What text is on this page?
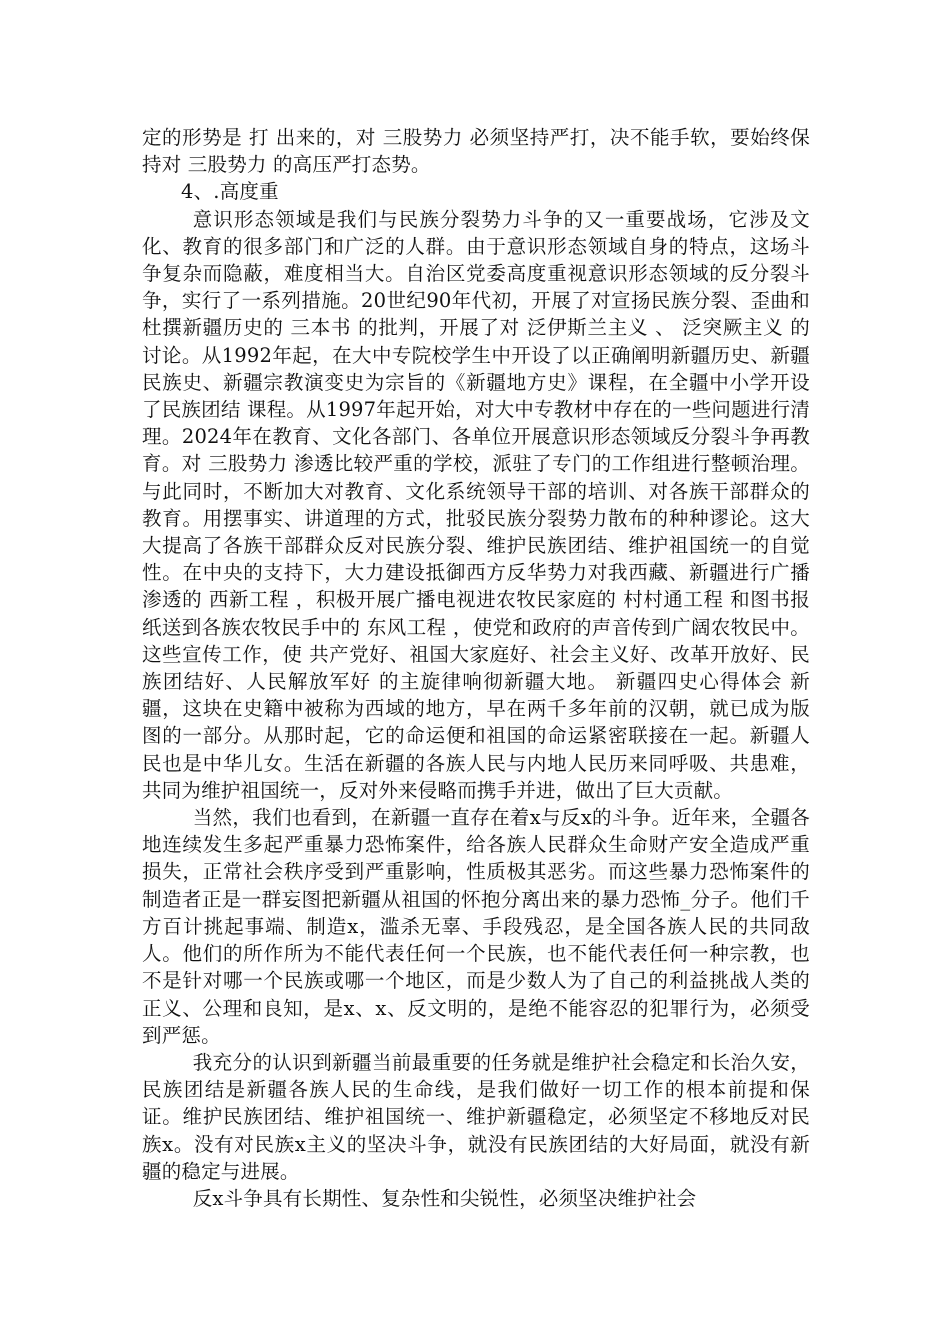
定的形势是 打 出来的，对 三股势力 必须坚持严打，决不能手软，要始终保持对 三股势力 的高压严打态势。

4、.高度重

意识形态领域是我们与民族分裂势力斗争的又一重要战场，它涉及文化、教育的很多部门和广泛的人群。由于意识形态领域自身的特点，这场斗争复杂而隐蔽，难度相当大。自治区党委高度重视意识形态领域的反分裂斗争，实行了一系列措施。20世纪90年代初，开展了对宣扬民族分裂、歪曲和杜撰新疆历史的 三本书 的批判，开展了对 泛伊斯兰主义 、 泛突厥主义 的讨论。从1992年起，在大中专院校学生中开设了以正确阐明新疆历史、新疆民族史、新疆宗教演变史为宗旨的《新疆地方史》课程，在全疆中小学开设了民族团结 课程。从1997年起开始，对大中专教材中存在的一些问题进行清理。2024年在教育、文化各部门、各单位开展意识形态领域反分裂斗争再教育。对 三股势力 渗透比较严重的学校，派驻了专门的工作组进行整顿治理。与此同时，不断加大对教育、文化系统领导干部的培训、对各族干部群众的教育。用摆事实、讲道理的方式，批驳民族分裂势力散布的种种谬论。这大大提高了各族干部群众反对民族分裂、维护民族团结、维护祖国统一的自觉性。在中央的支持下，大力建设抵御西方反华势力对我西藏、新疆进行广播渗透的 西新工程 ，积极开展广播电视进农牧民家庭的 村村通工程 和图书报纸送到各族农牧民手中的 东风工程 ，使党和政府的声音传到广阔农牧民中。这些宣传工作，使 共产党好、祖国大家庭好、社会主义好、改革开放好、民族团结好、人民解放军好 的主旋律响彻新疆大地。 新疆四史心得体会 新疆，这块在史籍中被称为西域的地方，早在两千多年前的汉朝，就已成为版图的一部分。从那时起，它的命运便和祖国的命运紧密联接在一起。新疆人民也是中华儿女。生活在新疆的各族人民与内地人民历来同呼吸、共患难，共同为维护祖国统一，反对外来侵略而携手并进，做出了巨大贡献。

当然，我们也看到，在新疆一直存在着x与反x的斗争。近年来，全疆各地连续发生多起严重暴力恐怖案件，给各族人民群众生命财产安全造成严重损失，正常社会秩序受到严重影响，性质极其恶劣。而这些暴力恐怖案件的制造者正是一群妄图把新疆从祖国的怀抱分离出来的暴力恐怖_分子。他们千方百计挑起事端、制造x，滥杀无辜、手段残忍，是全国各族人民的共同敌人。他们的所作所为不能代表任何一个民族，也不能代表任何一种宗教，也不是针对哪一个民族或哪一个地区，而是少数人为了自己的利益挑战人类的正义、公理和良知，是x、x、反文明的，是绝不能容忍的犯罪行为，必须受到严惩。

我充分的认识到新疆当前最重要的任务就是维护社会稳定和长治久安，民族团结是新疆各族人民的生命线，是我们做好一切工作的根本前提和保证。维护民族团结、维护祖国统一、维护新疆稳定，必须坚定不移地反对民族x。没有对民族x主义的坚决斗争，就没有民族团结的大好局面，就没有新疆的稳定与进展。

反x斗争具有长期性、复杂性和尖锐性，必须坚决维护社会
